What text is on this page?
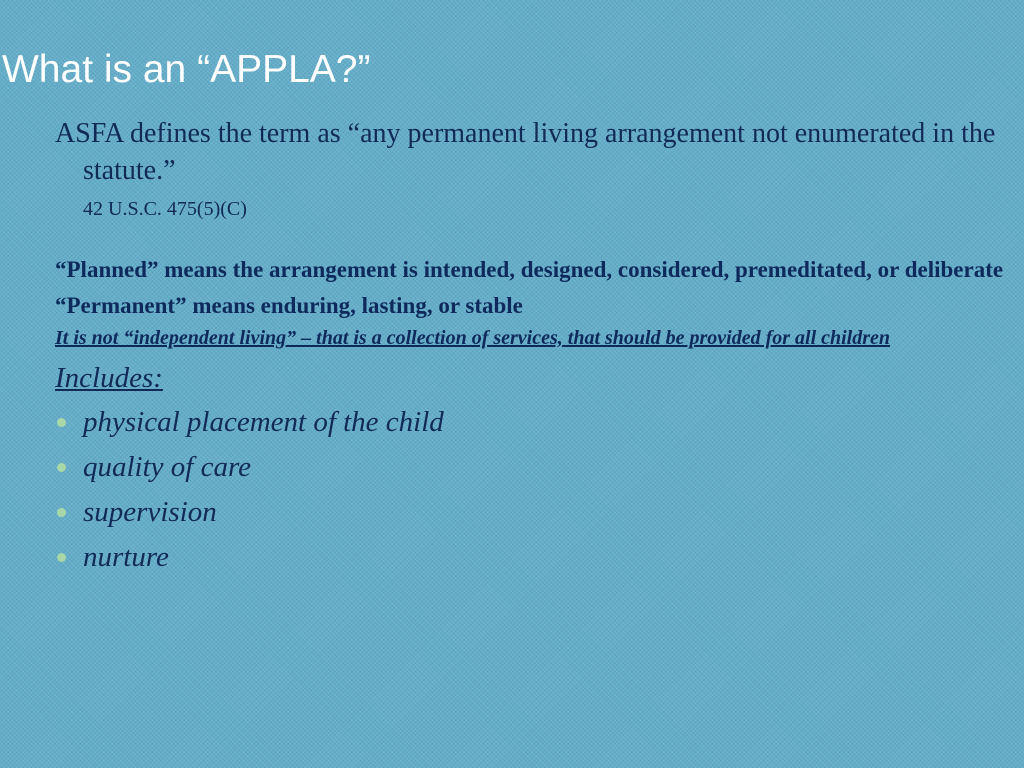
What is an “APPLA?”

ASFA defines the term as “any permanent living arrangement not enumerated in the statute.”

42 U.S.C. 475(5)(C)

“Planned” means the arrangement is intended, designed, considered, premeditated, or deliberate

“Permanent” means enduring, lasting, or stable

It is not “independent living” – that is a collection of services, that should be provided for all children

Includes:

physical placement of the child
quality of care
supervision
nurture
